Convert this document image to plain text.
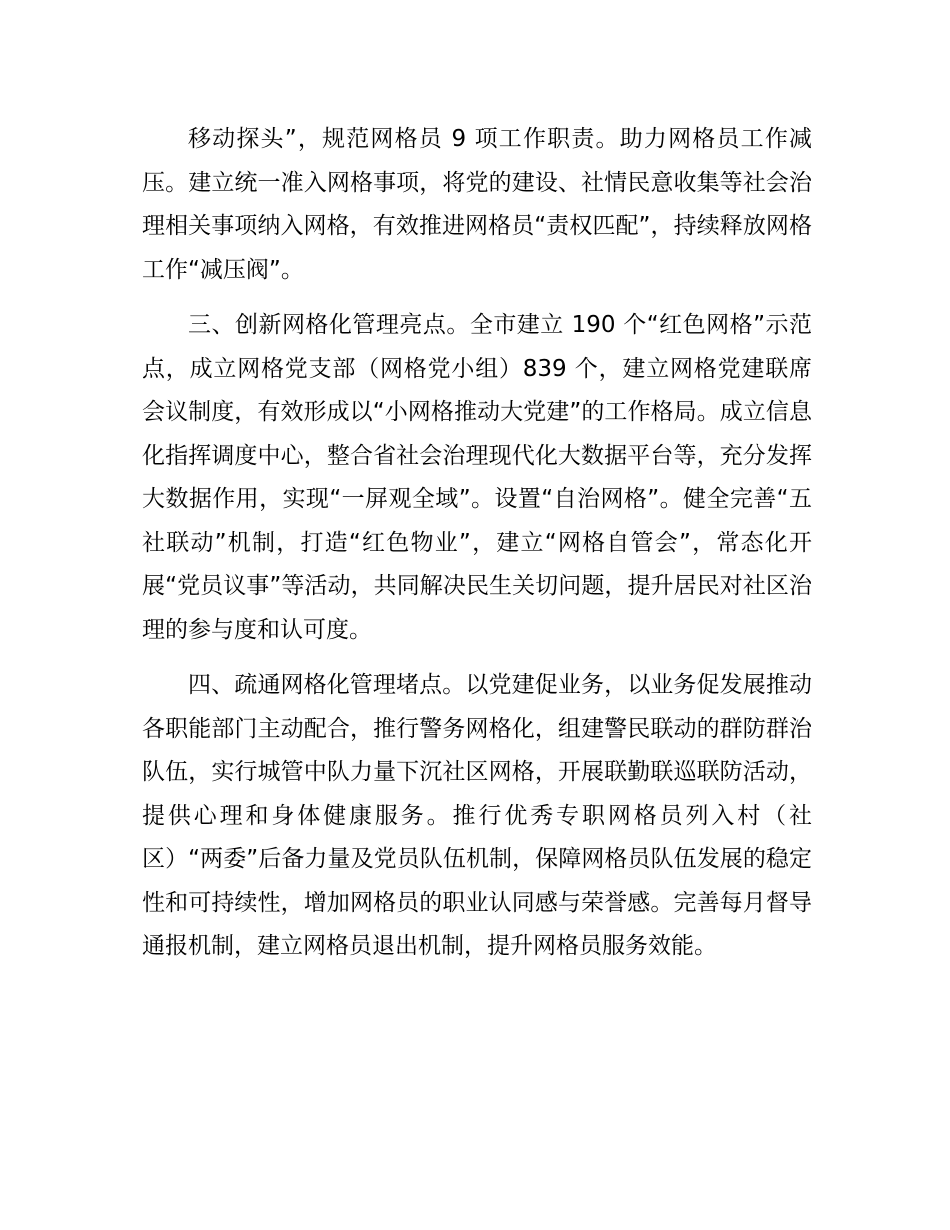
移动探头”，规范网格员 9 项工作职责。助力网格员工作减压。建立统一准入网格事项，将党的建设、社情民意收集等社会治理相关事项纳入网格，有效推进网格员“责权匹配”，持续释放网格工作“减压阀”。

三、创新网格化管理亮点。全市建立 190 个“红色网格”示范点，成立网格党支部（网格党小组）839 个，建立网格党建联席会议制度，有效形成以“小网格推动大党建”的工作格局。成立信息化指挥调度中心，整合省社会治理现代化大数据平台等，充分发挥大数据作用，实现“一屏观全域”。设置“自治网格”。健全完善“五社联动”机制，打造“红色物业”，建立“网格自管会”，常态化开展“党员议事”等活动，共同解决民生关切问题，提升居民对社区治理的参与度和认可度。

四、疏通网格化管理堵点。以党建促业务，以业务促发展推动各职能部门主动配合，推行警务网格化，组建警民联动的群防群治队伍，实行城管中队力量下沉社区网格，开展联勤联巡联防活动，提供心理和身体健康服务。推行优秀专职网格员列入村（社区）“两委”后备力量及党员队伍机制，保障网格员队伍发展的稳定性和可持续性，增加网格员的职业认同感与荣誉感。完善每月督导通报机制，建立网格员退出机制，提升网格员服务效能。
